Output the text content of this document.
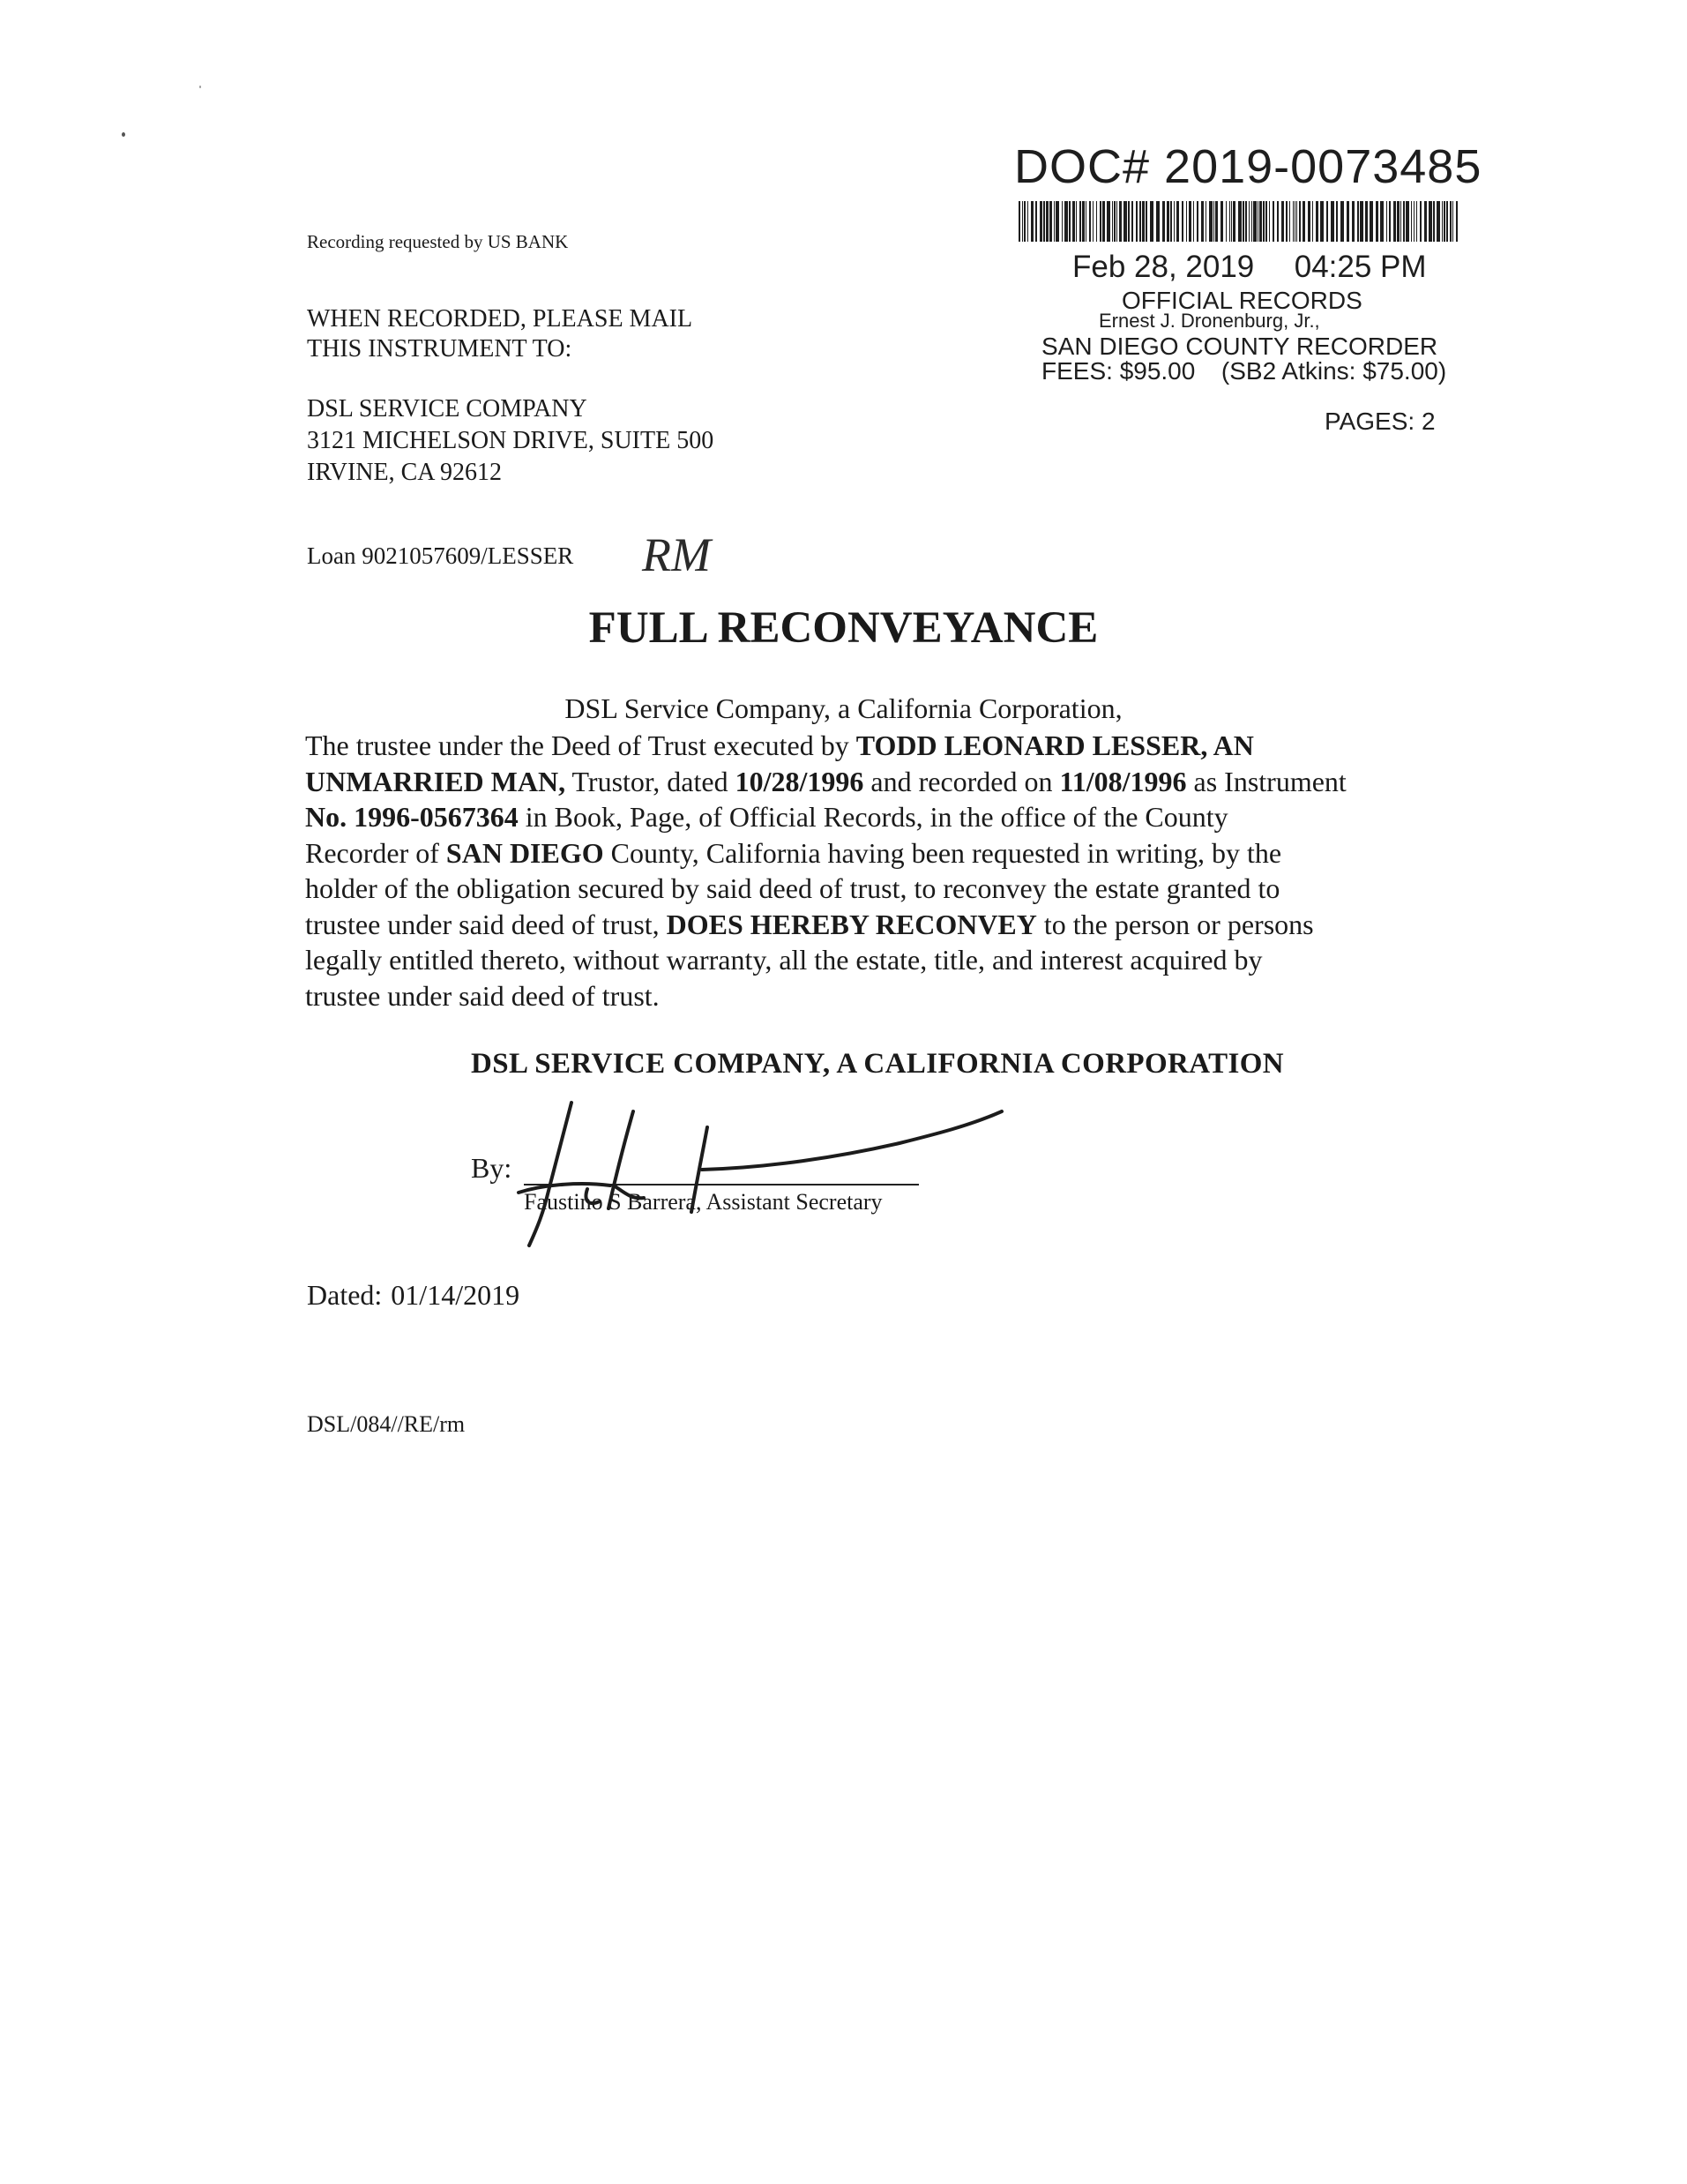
Recording requested by US BANK
WHEN RECORDED, PLEASE MAIL
THIS INSTRUMENT TO:
DSL SERVICE COMPANY
3121 MICHELSON DRIVE, SUITE 500
IRVINE, CA 92612
Loan 9021057609/LESSER RM
DOC# 2019-0073485
Feb 28, 2019 04:25 PM
OFFICIAL RECORDS
Ernest J. Dronenburg, Jr.,
SAN DIEGO COUNTY RECORDER
FEES: $95.00 (SB2 Atkins: $75.00)
PAGES: 2
FULL RECONVEYANCE
DSL Service Company, a California Corporation,
The trustee under the Deed of Trust executed by TODD LEONARD LESSER, AN
UNMARRIED MAN, Trustor, dated 10/28/1996 and recorded on 11/08/1996 as Instrument
No. 1996-0567364 in Book, Page, of Official Records, in the office of the County
Recorder of SAN DIEGO County, California having been requested in writing, by the
holder of the obligation secured by said deed of trust, to reconvey the estate granted to
trustee under said deed of trust, DOES HEREBY RECONVEY to the person or persons
legally entitled thereto, without warranty, all the estate, title, and interest acquired by
trustee under said deed of trust.
DSL SERVICE COMPANY, A CALIFORNIA CORPORATION
By:
Faustino S Barrera, Assistant Secretary
Dated: 01/14/2019
DSL/084//RE/rm
